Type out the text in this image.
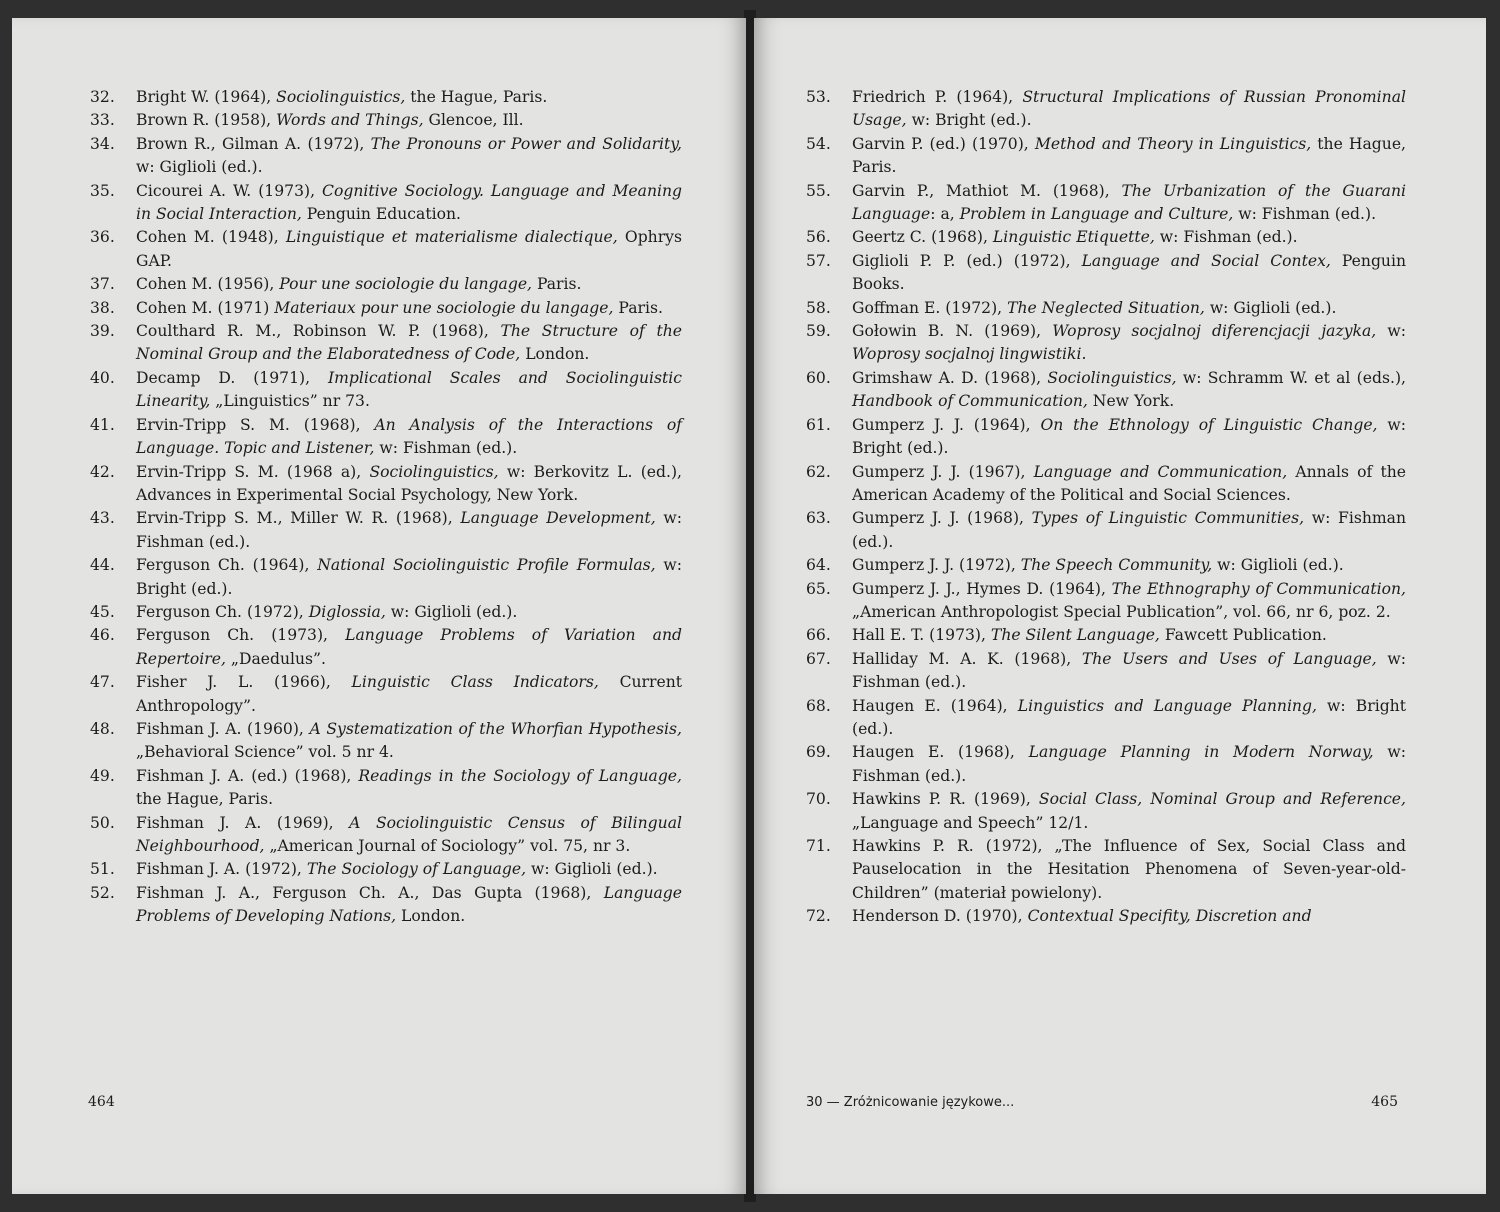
32.	Bright W. (1964), Sociolinguistics, the Hague, Paris.
33.	Brown R. (1958), Words and Things, Glencoe, Ill.
34.	Brown R., Gilman A. (1972), The Pronouns or Power and Solidarity, w: Giglioli (ed.).
35.	Cicourei A. W. (1973), Cognitive Sociology. Language and Meaning in Social Interaction, Penguin Education.
36.	Cohen M. (1948), Linguistique et materialisme dialectique, Ophrys GAP.
37.	Cohen M. (1956), Pour une sociologie du langage, Paris.
38.	Cohen M. (1971) Materiaux pour une sociologie du langage, Paris.
39.	Coulthard R. M., Robinson W. P. (1968), The Structure of the Nominal Group and the Elaboratedness of Code, London.
40.	Decamp D. (1971), Implicational Scales and Sociolinguistic Linearity, „Linguistics” nr 73.
41.	Ervin-Tripp S. M. (1968), An Analysis of the Interactions of Language. Topic and Listener, w: Fishman (ed.).
42.	Ervin-Tripp S. M. (1968 a), Sociolinguistics, w: Berkovitz L. (ed.), Advances in Experimental Social Psychology, New York.
43.	Ervin-Tripp S. M., Miller W. R. (1968), Language Development, w: Fishman (ed.).
44.	Ferguson Ch. (1964), National Sociolinguistic Profile Formulas, w: Bright (ed.).
45.	Ferguson Ch. (1972), Diglossia, w: Giglioli (ed.).
46.	Ferguson Ch. (1973), Language Problems of Variation and Repertoire, „Daedulus”.
47.	Fisher J. L. (1966), Linguistic Class Indicators, Current Anthropology”.
48.	Fishman J. A. (1960), A Systematization of the Whorfian Hypothesis, „Behavioral Science” vol. 5 nr 4.
49.	Fishman J. A. (ed.) (1968), Readings in the Sociology of Language, the Hague, Paris.
50.	Fishman J. A. (1969), A Sociolinguistic Census of Bilingual Neighbourhood, „American Journal of Sociology” vol. 75, nr 3.
51.	Fishman J. A. (1972), The Sociology of Language, w: Giglioli (ed.).
52.	Fishman J. A., Ferguson Ch. A., Das Gupta (1968), Language Problems of Developing Nations, London.
464
53.	Friedrich P. (1964), Structural Implications of Russian Pronominal Usage, w: Bright (ed.).
54.	Garvin P. (ed.) (1970), Method and Theory in Linguistics, the Hague, Paris.
55.	Garvin P., Mathiot M. (1968), The Urbanization of the Guarani Language: a, Problem in Language and Culture, w: Fishman (ed.).
56.	Geertz C. (1968), Linguistic Etiquette, w: Fishman (ed.).
57.	Giglioli P. P. (ed.) (1972), Language and Social Contex, Penguin Books.
58.	Goffman E. (1972), The Neglected Situation, w: Giglioli (ed.).
59.	Gołowin B. N. (1969), Woprosy socjalnoj diferencjacji jazyka, w: Woprosy socjalnoj lingwistiki.
60.	Grimshaw A. D. (1968), Sociolinguistics, w: Schramm W. et al (eds.), Handbook of Communication, New York.
61.	Gumperz J. J. (1964), On the Ethnology of Linguistic Change, w: Bright (ed.).
62.	Gumperz J. J. (1967), Language and Communication, Annals of the American Academy of the Political and Social Sciences.
63.	Gumperz J. J. (1968), Types of Linguistic Communities, w: Fishman (ed.).
64.	Gumperz J. J. (1972), The Speech Community, w: Giglioli (ed.).
65.	Gumperz J. J., Hymes D. (1964), The Ethnography of Communication, „American Anthropologist Special Publication”, vol. 66, nr 6, poz. 2.
66.	Hall E. T. (1973), The Silent Language, Fawcett Publication.
67.	Halliday M. A. K. (1968), The Users and Uses of Language, w: Fishman (ed.).
68.	Haugen E. (1964), Linguistics and Language Planning, w: Bright (ed.).
69.	Haugen E. (1968), Language Planning in Modern Norway, w: Fishman (ed.).
70.	Hawkins P. R. (1969), Social Class, Nominal Group and Reference, „Language and Speech” 12/1.
71.	Hawkins P. R. (1972), „The Influence of Sex, Social Class and Pauselocation in the Hesitation Phenomena of Seven-year-old-Children” (materiał powielony).
72.	Henderson D. (1970), Contextual Specifity, Discretion and
30 — Zróżnicowanie językowe...	465
